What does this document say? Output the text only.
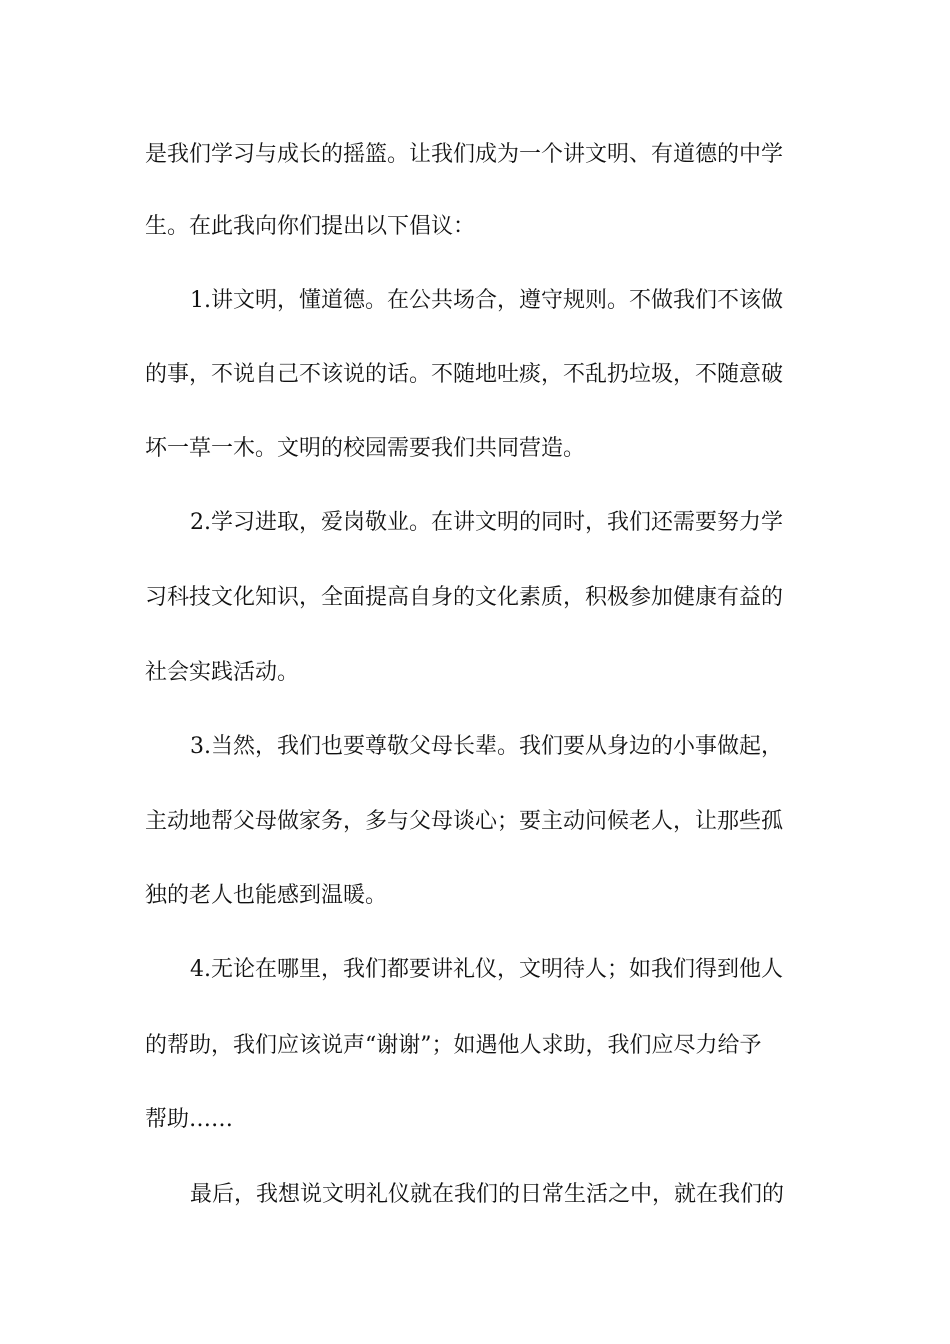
是我们学习与成长的摇篮。让我们成为一个讲文明、有道德的中学
生。在此我向你们提出以下倡议：
1.讲文明，懂道德。在公共场合，遵守规则。不做我们不该做
的事，不说自己不该说的话。不随地吐痰，不乱扔垃圾，不随意破
坏一草一木。文明的校园需要我们共同营造。
2.学习进取，爱岗敬业。在讲文明的同时，我们还需要努力学
习科技文化知识，全面提高自身的文化素质，积极参加健康有益的
社会实践活动。
3.当然，我们也要尊敬父母长辈。我们要从身边的小事做起，
主动地帮父母做家务，多与父母谈心；要主动问候老人，让那些孤
独的老人也能感到温暖。
4.无论在哪里，我们都要讲礼仪，文明待人；如我们得到他人
的帮助，我们应该说声“谢谢”；如遇他人求助，我们应尽力给予
帮助……
最后，我想说文明礼仪就在我们的日常生活之中，就在我们的
